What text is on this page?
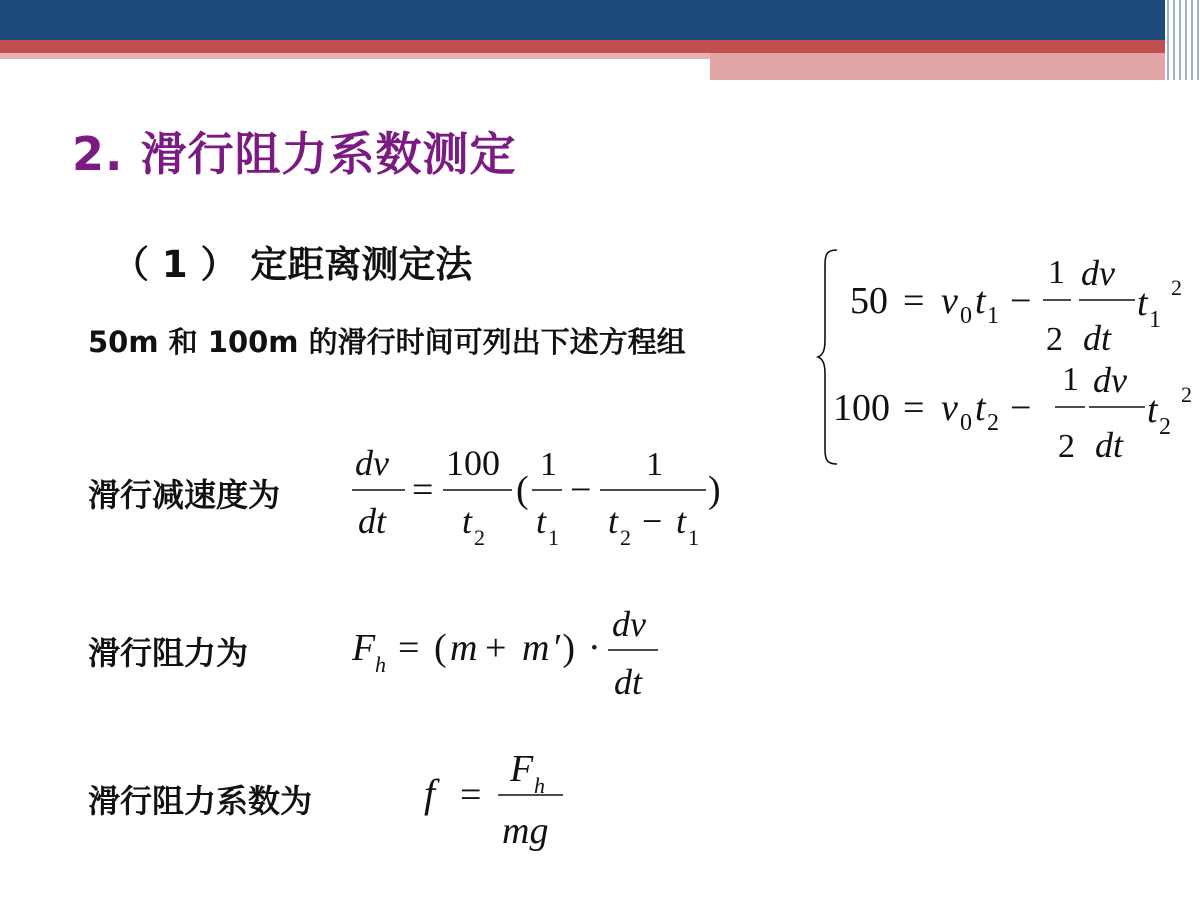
2. 滑行阻力系数测定
（ 1 ） 定距离测定法
50m 和 100m 的滑行时间可列出下述方程组
50 = v 0 t 1 −
1
2
dv
dt
t 1
2
100 = v 0 t 2 −
1
2
dv
dt
t 2
2
滑行减速度为
dv
dt
=
100
t 2
(
1
t 1
−
1
t 2 − t 1
)
滑行阻力为	F h = ( m + m ′) ·
dv
dt
滑行阻力系数为	f =
F h
mg
